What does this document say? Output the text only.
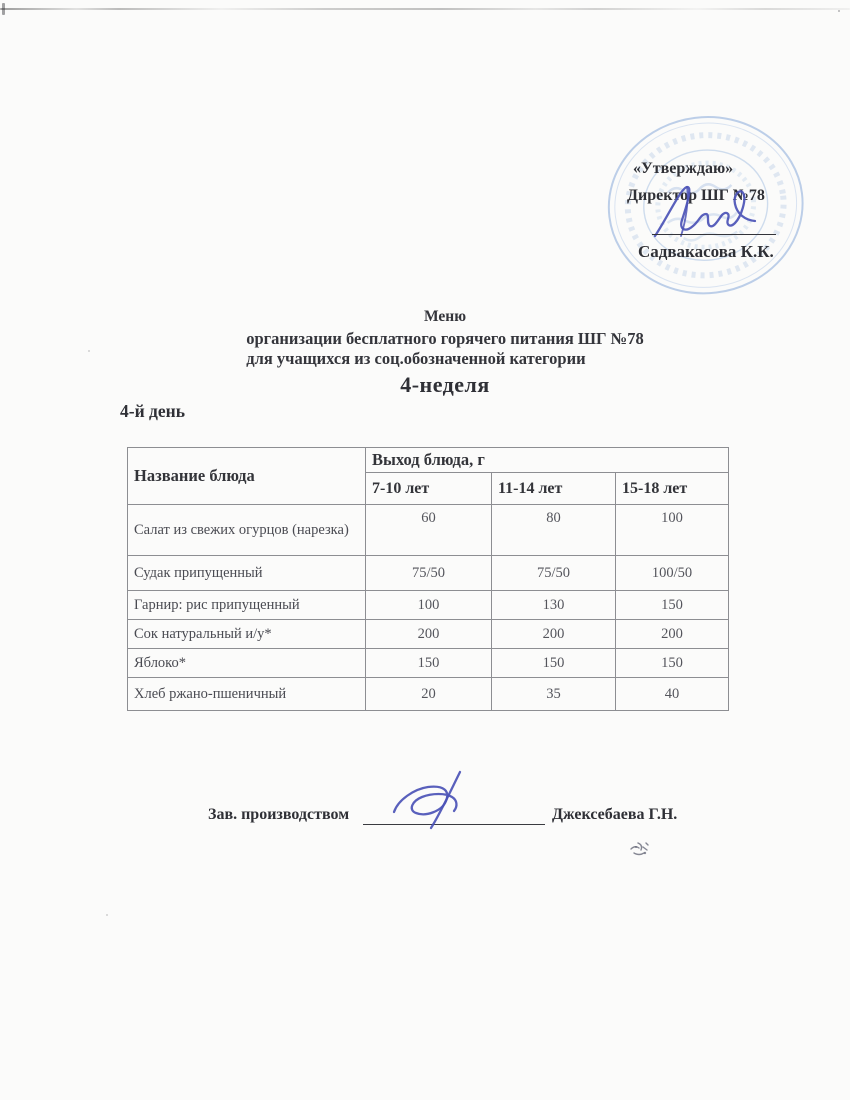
«Утверждаю»
Директор ШГ №78
Садвакасова К.К.
Меню
организации бесплатного горячего питания ШГ №78
для учащихся из соц.обозначенной категории
4-неделя
4-й день
Название блюда	Выход блюда, г		
	7-10 лет	11-14 лет	15-18 лет
Салат из свежих огурцов (нарезка)	60	80	100
Судак припущенный	75/50	75/50	100/50
Гарнир: рис припущенный	100	130	150
Сок натуральный и/у*	200	200	200
Яблоко*	150	150	150
Хлеб ржано-пшеничный	20	35	40
Зав. производством	Джексебаева Г.Н.
